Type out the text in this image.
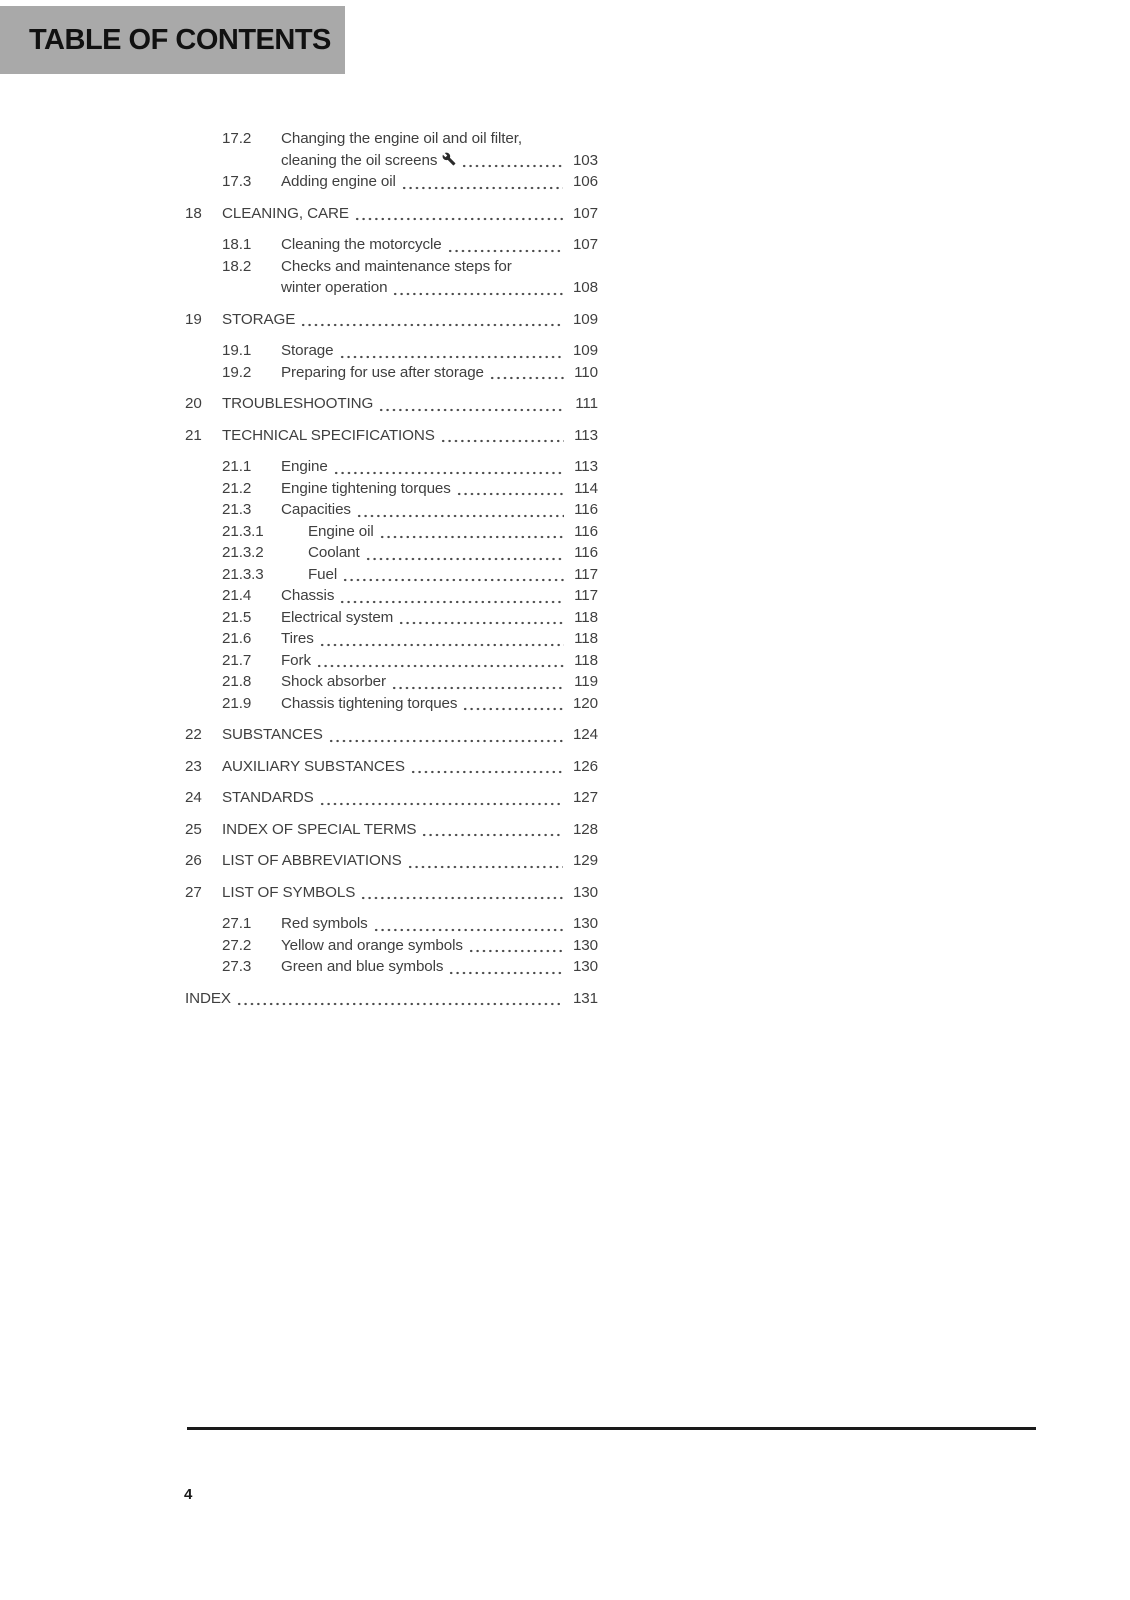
TABLE OF CONTENTS
17.2	Changing the engine oil and oil filter,
cleaning the oil screens	103
17.3	Adding engine oil	106
18	CLEANING, CARE	107
18.1	Cleaning the motorcycle	107
18.2	Checks and maintenance steps for
winter operation	108
19	STORAGE	109
19.1	Storage	109
19.2	Preparing for use after storage	110
20	TROUBLESHOOTING	111
21	TECHNICAL SPECIFICATIONS	113
21.1	Engine	113
21.2	Engine tightening torques	114
21.3	Capacities	116
21.3.1	Engine oil	116
21.3.2	Coolant	116
21.3.3	Fuel	117
21.4	Chassis	117
21.5	Electrical system	118
21.6	Tires	118
21.7	Fork	118
21.8	Shock absorber	119
21.9	Chassis tightening torques	120
22	SUBSTANCES	124
23	AUXILIARY SUBSTANCES	126
24	STANDARDS	127
25	INDEX OF SPECIAL TERMS	128
26	LIST OF ABBREVIATIONS	129
27	LIST OF SYMBOLS	130
27.1	Red symbols	130
27.2	Yellow and orange symbols	130
27.3	Green and blue symbols	130
INDEX	131
4
